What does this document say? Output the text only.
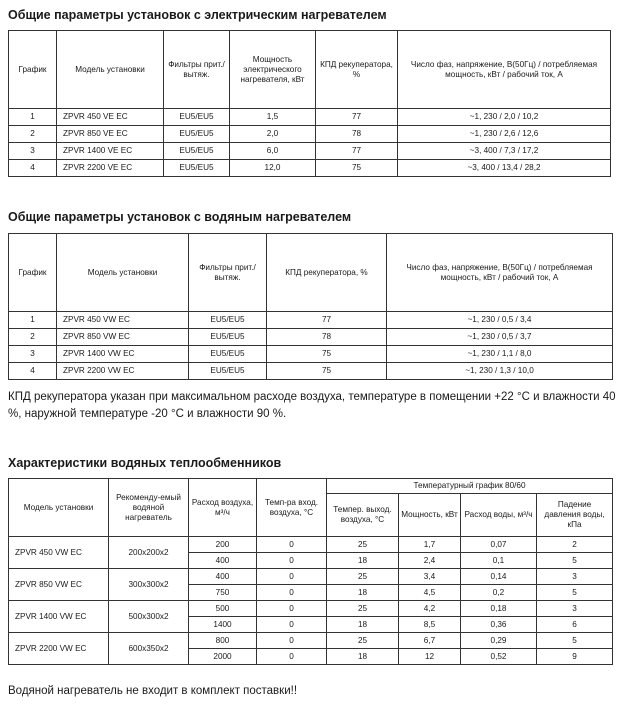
Общие параметры установок с электрическим нагревателем
График	Модель установки	Фильтры прит./ вытяж.	Мощность электрического нагревателя, кВт	КПД рекуператора, %	Число фаз, напряжение, В(50Гц) / потребляемая мощность, кВт / рабочий ток, А
1	ZPVR 450 VE EC	EU5/EU5	1,5	77	~1, 230 / 2,0 / 10,2
2	ZPVR 850 VE EC	EU5/EU5	2,0	78	~1, 230 / 2,6 / 12,6
3	ZPVR 1400 VE EC	EU5/EU5	6,0	77	~3, 400 / 7,3 / 17,2
4	ZPVR 2200 VE EC	EU5/EU5	12,0	75	~3, 400 / 13,4 / 28,2
Общие параметры установок с водяным нагревателем
График	Модель установки	Фильтры прит./вытяж.	КПД рекуператора, %	Число фаз, напряжение, В(50Гц) / потребляемая мощность, кВт / рабочий ток, А
1	ZPVR 450 VW EC	EU5/EU5	77	~1, 230 / 0,5 / 3,4
2	ZPVR 850 VW EC	EU5/EU5	78	~1, 230 / 0,5 / 3,7
3	ZPVR 1400 VW EC	EU5/EU5	75	~1, 230 / 1,1 / 8,0
4	ZPVR 2200 VW EC	EU5/EU5	75	~1, 230 / 1,3 / 10,0

КПД рекуператора указан при максимальном расходе воздуха, температуре в помещении +22 °С и влажности 40 %, наружной температуре -20 °С и влажности 90 %.

Характеристики водяных теплообменников
Модель установки	Рекоменду-емый водяной нагреватель	Расход воздуха, м³/ч	Темп-ра вход. воздуха, °С	Температурный график 80/60			
				Темпер. выход. воздуха, °С	Мощность, кВт	Расход воды, м³/ч	Падение давления воды, кПа
ZPVR 450 VW EC	200x200x2	200	0	25	1,7	0,07	2
		400	0	18	2,4	0,1	5
ZPVR 850 VW EC	300x300x2	400	0	25	3,4	0,14	3
		750	0	18	4,5	0,2	5
ZPVR 1400 VW EC	500x300x2	500	0	25	4,2	0,18	3
		1400	0	18	8,5	0,36	6
ZPVR 2200 VW EC	600x350x2	800	0	25	6,7	0,29	5
		2000	0	18	12	0,52	9

Водяной нагреватель не входит в комплект поставки!!
